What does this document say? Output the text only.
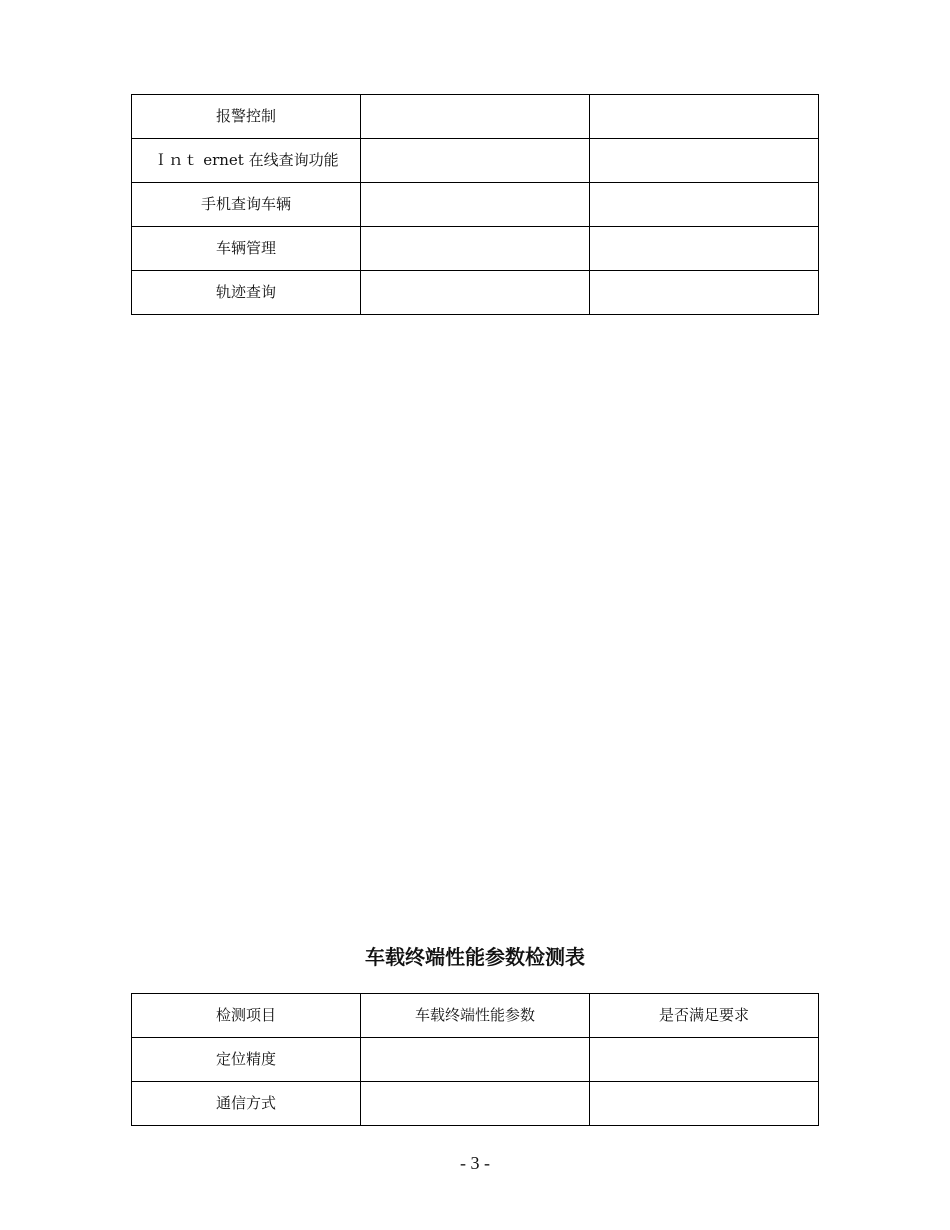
报警控制		
Ｉｎｔ ernet 在线查询功能		
手机查询车辆		
车辆管理		
轨迹查询		
车载终端性能参数检测表
检测项目	车载终端性能参数	是否满足要求
定位精度		
通信方式		
- 3 -
